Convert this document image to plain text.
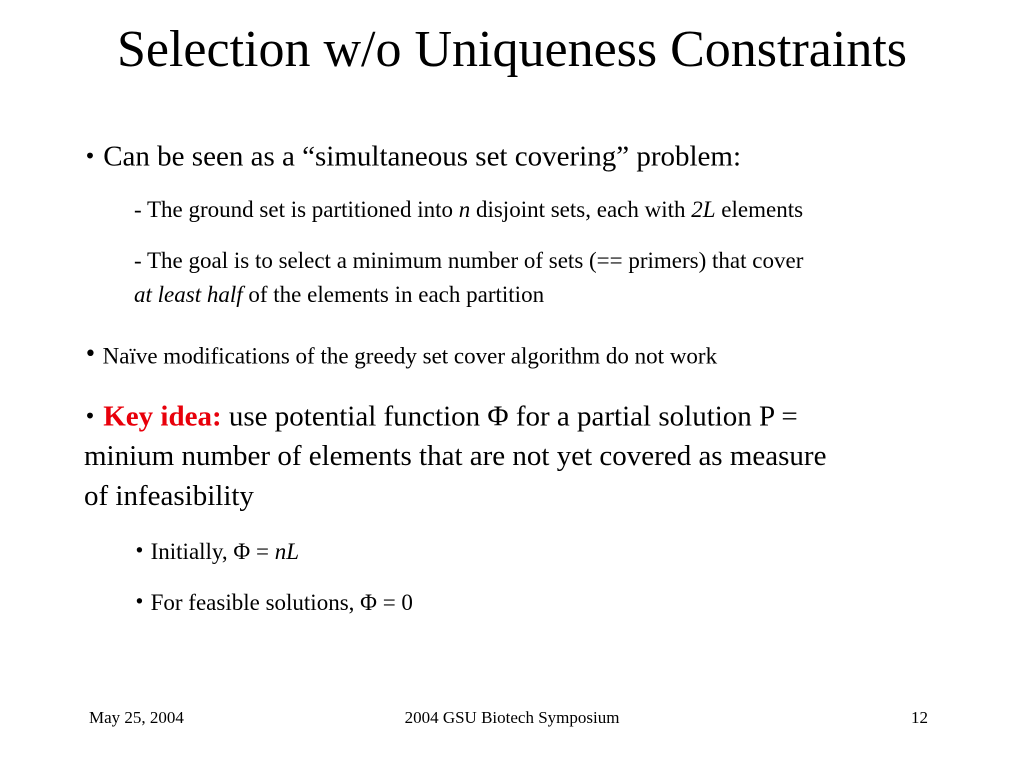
Selection w/o Uniqueness Constraints
• Can be seen as a “simultaneous set covering” problem:
- The ground set is partitioned into n disjoint sets, each with 2L elements
- The goal is to select a minimum number of sets (== primers) that cover
at least half of the elements in each partition
• Naïve modifications of the greedy set cover algorithm do not work
• Key idea: use potential function Φ for a partial solution P =
minium number of elements that are not yet covered as measure
of infeasibility
• Initially, Φ = nL
• For feasible solutions, Φ = 0
May 25, 2004	2004 GSU Biotech Symposium	12
